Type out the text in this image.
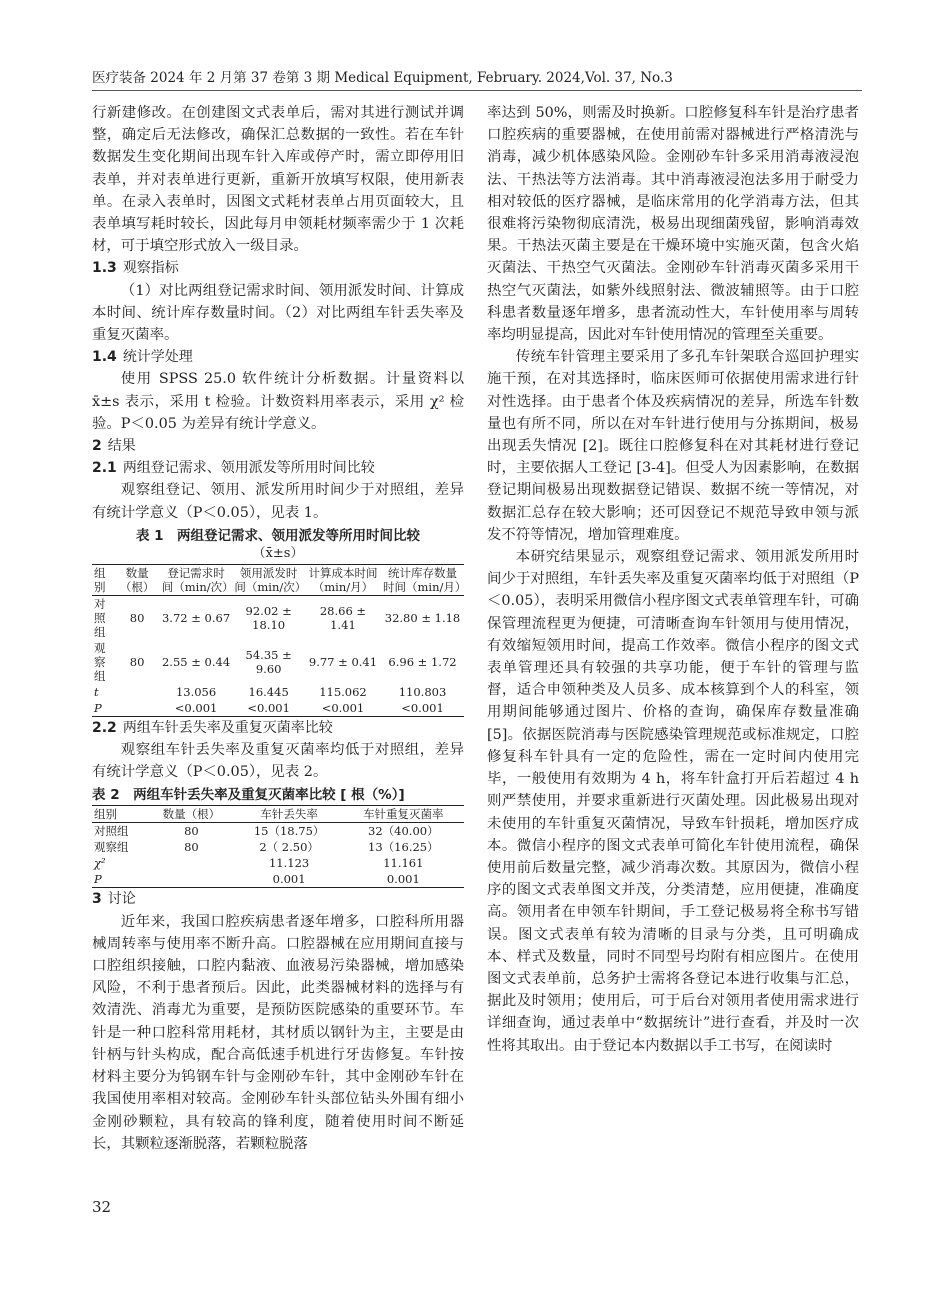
医疗装备 2024 年 2 月第 37 卷第 3 期 Medical Equipment, February. 2024,Vol. 37, No.3

行新建修改。在创建图文式表单后，需对其进行测试并调整，确定后无法修改，确保汇总数据的一致性。若在车针数据发生变化期间出现车针入库或停产时，需立即停用旧表单，并对表单进行更新，重新开放填写权限，使用新表单。在录入表单时，因图文式耗材表单占用页面较大，且表单填写耗时较长，因此每月申领耗材频率需少于 1 次耗材，可于填空形式放入一级目录。

1.3 观察指标

（1）对比两组登记需求时间、领用派发时间、计算成本时间、统计库存数量时间。（2）对比两组车针丢失率及重复灭菌率。

1.4 统计学处理

使用 SPSS 25.0 软件统计分析数据。计量资料以 x̄±s 表示，采用 t 检验。计数资料用率表示，采用 χ² 检验。P＜0.05 为差异有统计学意义。

2 结果
2.1 两组登记需求、领用派发等所用时间比较

观察组登记、领用、派发所用时间少于对照组，差异有统计学意义（P＜0.05），见表 1。

表 1　两组登记需求、领用派发等所用时间比较
（x̄±s）
组别	数量（根）	登记需求时间（min/次）	领用派发时间（min/次）	计算成本时间（min/月）	统计库存数量时间（min/月）
对照组	80	3.72 ± 0.67	92.02 ± 18.10	28.66 ± 1.41	32.80 ± 1.18
观察组	80	2.55 ± 0.44	54.35 ± 9.60	9.77 ± 0.41	6.96 ± 1.72
t		13.056	16.445	115.062	110.803
P		<0.001	<0.001	<0.001	<0.001
2.2 两组车针丢失率及重复灭菌率比较

观察组车针丢失率及重复灭菌率均低于对照组，差异有统计学意义（P＜0.05），见表 2。

表 2　两组车针丢失率及重复灭菌率比较 [ 根（%）]
组别	数量（根）	车针丢失率	车针重复灭菌率
对照组	80	15（18.75）	32（40.00）
观察组	80	2（ 2.50）	13（16.25）
χ²		11.123	11.161
P		0.001	0.001
3 讨论

近年来，我国口腔疾病患者逐年增多，口腔科所用器械周转率与使用率不断升高。口腔器械在应用期间直接与口腔组织接触，口腔内黏液、血液易污染器械，增加感染风险，不利于患者预后。因此，此类器械材料的选择与有效清洗、消毒尤为重要，是预防医院感染的重要环节。车针是一种口腔科常用耗材，其材质以钢针为主，主要是由针柄与针头构成，配合高低速手机进行牙齿修复。车针按材料主要分为钨钢车针与金刚砂车针，其中金刚砂车针在我国使用率相对较高。金刚砂车针头部位钻头外围有细小金刚砂颗粒，具有较高的锋利度，随着使用时间不断延长，其颗粒逐渐脱落，若颗粒脱落

率达到 50%，则需及时换新。口腔修复科车针是治疗患者口腔疾病的重要器械，在使用前需对器械进行严格清洗与消毒，减少机体感染风险。金刚砂车针多采用消毒液浸泡法、干热法等方法消毒。其中消毒液浸泡法多用于耐受力相对较低的医疗器械，是临床常用的化学消毒方法，但其很难将污染物彻底清洗，极易出现细菌残留，影响消毒效果。干热法灭菌主要是在干燥环境中实施灭菌，包含火焰灭菌法、干热空气灭菌法。金刚砂车针消毒灭菌多采用干热空气灭菌法，如紫外线照射法、微波辅照等。由于口腔科患者数量逐年增多，患者流动性大，车针使用率与周转率均明显提高，因此对车针使用情况的管理至关重要。

传统车针管理主要采用了多孔车针架联合巡回护理实施干预，在对其选择时，临床医师可依据使用需求进行针对性选择。由于患者个体及疾病情况的差异，所选车针数量也有所不同，所以在对车针进行使用与分拣期间，极易出现丢失情况 [2]。既往口腔修复科在对其耗材进行登记时，主要依据人工登记 [3-4]。但受人为因素影响，在数据登记期间极易出现数据登记错误、数据不统一等情况，对数据汇总存在较大影响；还可因登记不规范导致申领与派发不符等情况，增加管理难度。

本研究结果显示，观察组登记需求、领用派发所用时间少于对照组，车针丢失率及重复灭菌率均低于对照组（P＜0.05），表明采用微信小程序图文式表单管理车针，可确保管理流程更为便捷，可清晰查询车针领用与使用情况，有效缩短领用时间，提高工作效率。微信小程序的图文式表单管理还具有较强的共享功能，便于车针的管理与监督，适合申领种类及人员多、成本核算到个人的科室，领用期间能够通过图片、价格的查询，确保库存数量准确 [5]。依据医院消毒与医院感染管理规范或标准规定，口腔修复科车针具有一定的危险性，需在一定时间内使用完毕，一般使用有效期为 4 h，将车针盒打开后若超过 4 h 则严禁使用，并要求重新进行灭菌处理。因此极易出现对未使用的车针重复灭菌情况，导致车针损耗，增加医疗成本。微信小程序的图文式表单可简化车针使用流程，确保使用前后数量完整，减少消毒次数。其原因为，微信小程序的图文式表单图文并茂，分类清楚，应用便捷，准确度高。领用者在申领车针期间，手工登记极易将全称书写错误。图文式表单有较为清晰的目录与分类，且可明确成本、样式及数量，同时不同型号均附有相应图片。在使用图文式表单前，总务护士需将各登记本进行收集与汇总，据此及时领用；使用后，可于后台对领用者使用需求进行详细查询，通过表单中“数据统计”进行查看，并及时一次性将其取出。由于登记本内数据以手工书写，在阅读时

32
